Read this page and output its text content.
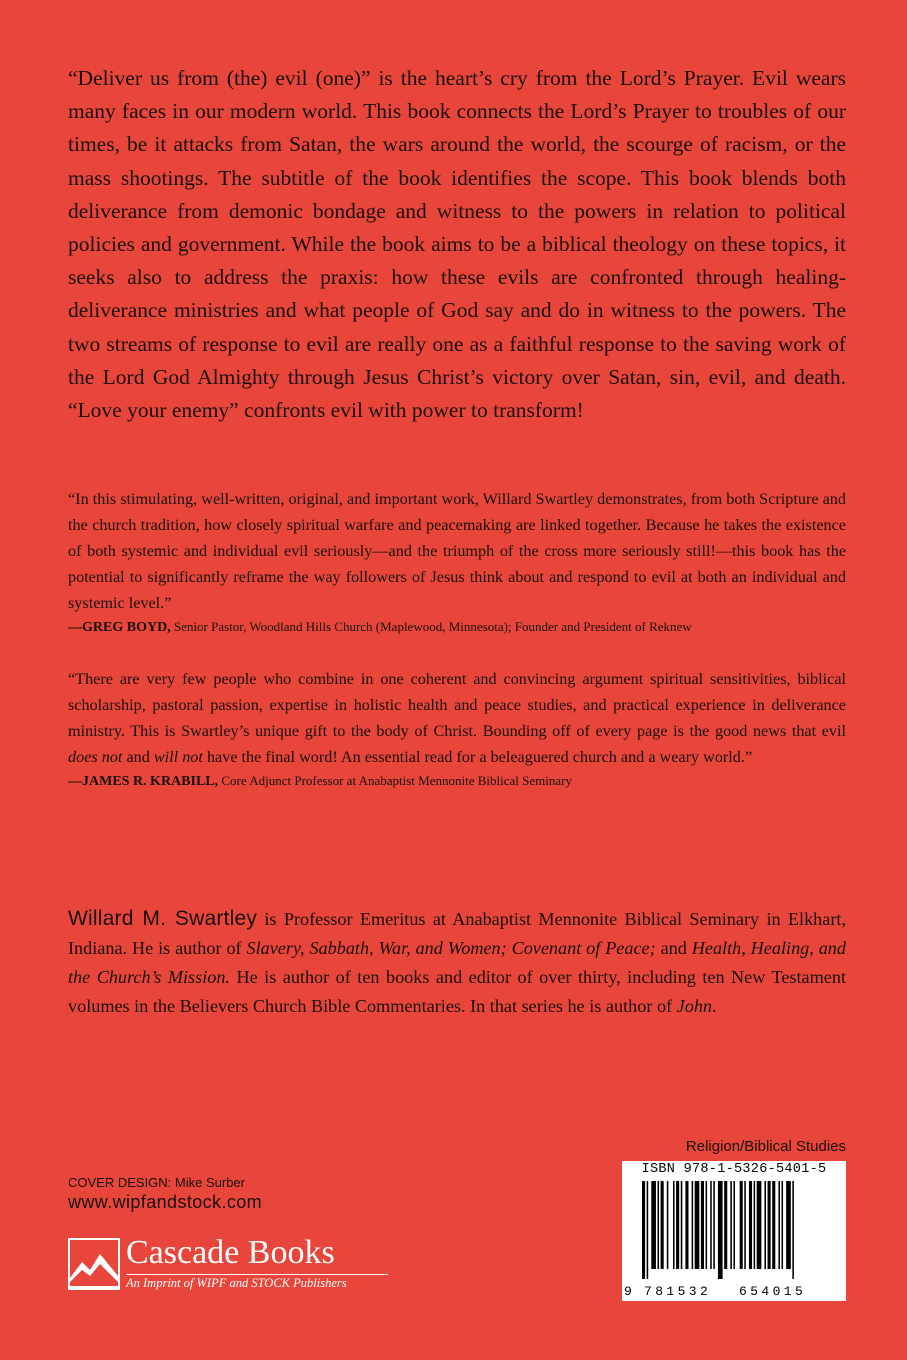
“Deliver us from (the) evil (one)” is the heart’s cry from the Lord’s Prayer. Evil wears many faces in our modern world. This book connects the Lord’s Prayer to troubles of our times, be it attacks from Satan, the wars around the world, the scourge of racism, or the mass shootings. The subtitle of the book identifies the scope. This book blends both deliverance from demonic bondage and witness to the powers in relation to political policies and government. While the book aims to be a biblical theology on these topics, it seeks also to address the praxis: how these evils are confronted through healing-deliverance ministries and what people of God say and do in witness to the powers. The two streams of response to evil are really one as a faithful response to the saving work of the Lord God Almighty through Jesus Christ’s victory over Satan, sin, evil, and death. “Love your enemy” confronts evil with power to transform!

“In this stimulating, well-written, original, and important work, Willard Swartley demonstrates, from both Scripture and the church tradition, how closely spiritual warfare and peacemaking are linked together. Because he takes the existence of both systemic and individual evil seriously—and the triumph of the cross more seriously still!—this book has the potential to significantly reframe the way followers of Jesus think about and respond to evil at both an individual and systemic level.”
—GREG BOYD, Senior Pastor, Woodland Hills Church (Maplewood, Minnesota); Founder and President of Reknew
“There are very few people who combine in one coherent and convincing argument spiritual sensitivities, biblical scholarship, pastoral passion, expertise in holistic health and peace studies, and practical experience in deliverance ministry. This is Swartley’s unique gift to the body of Christ. Bounding off of every page is the good news that evil does not and will not have the final word! An essential read for a beleaguered church and a weary world.”
—JAMES R. KRABILL, Core Adjunct Professor at Anabaptist Mennonite Biblical Seminary

Willard M. Swartley is Professor Emeritus at Anabaptist Mennonite Biblical Seminary in Elkhart, Indiana. He is author of Slavery, Sabbath, War, and Women; Covenant of Peace; and Health, Healing, and the Church’s Mission. He is author of ten books and editor of over thirty, including ten New Testament volumes in the Believers Church Bible Commentaries. In that series he is author of John.

Religion/Biblical Studies
COVER DESIGN: Mike Surber
www.wipfandstock.com
Cascade Books
An Imprint of WIPF and STOCK Publishers
ISBN 978-1-5326-5401-5
9 781532 654015
